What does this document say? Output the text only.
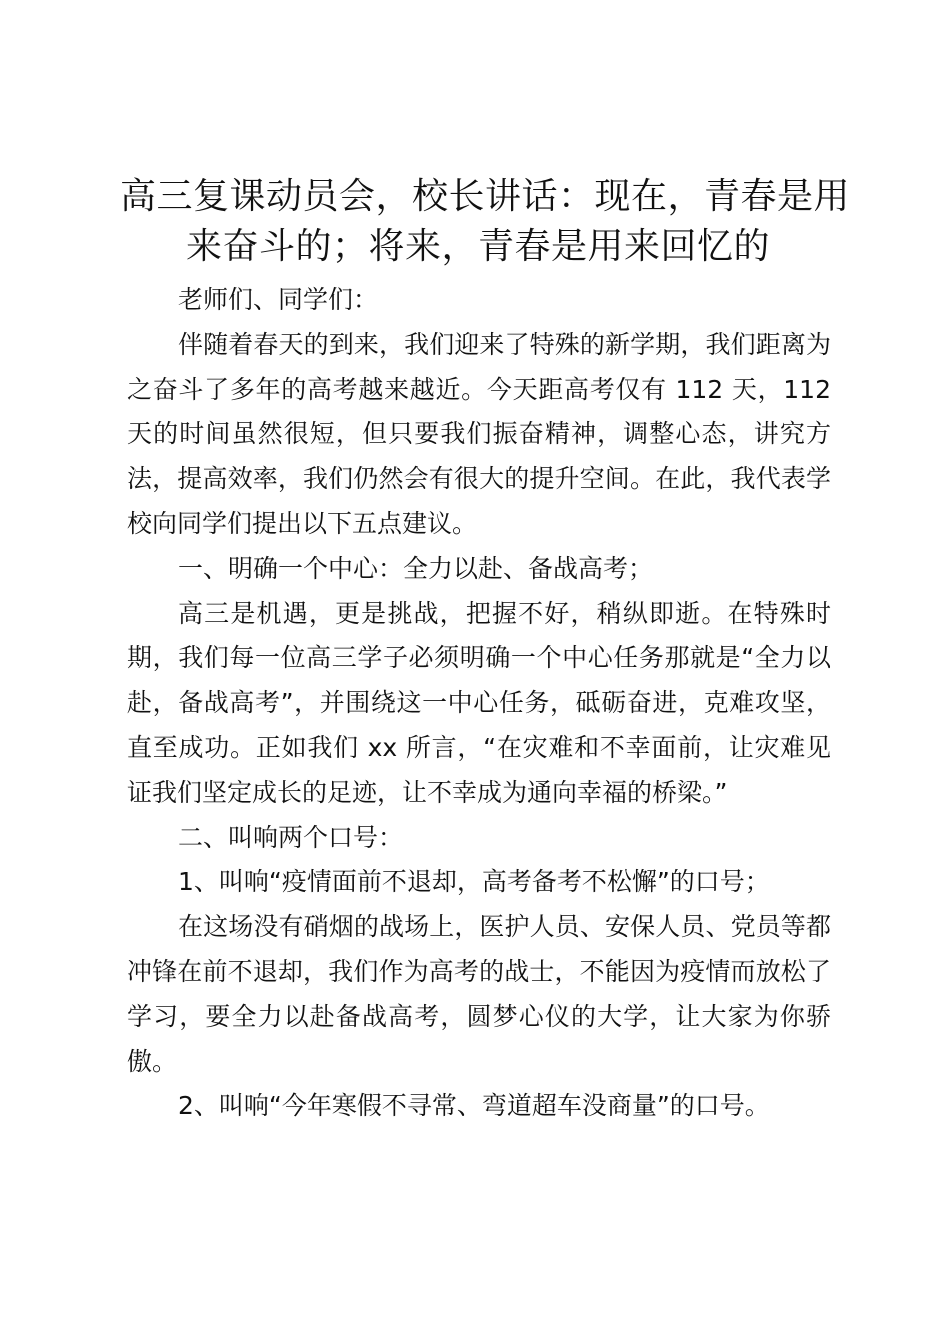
高三复课动员会，校长讲话：现在，青春是用
来奋斗的；将来，青春是用来回忆的

老师们、同学们：

伴随着春天的到来，我们迎来了特殊的新学期，我们距离为之奋斗了多年的高考越来越近。今天距高考仅有 112 天，112 天的时间虽然很短，但只要我们振奋精神，调整心态，讲究方法，提高效率，我们仍然会有很大的提升空间。在此，我代表学校向同学们提出以下五点建议。

一、明确一个中心：全力以赴、备战高考；

高三是机遇，更是挑战，把握不好，稍纵即逝。在特殊时期，我们每一位高三学子必须明确一个中心任务那就是“全力以赴，备战高考”，并围绕这一中心任务，砥砺奋进，克难攻坚，直至成功。正如我们 xx 所言，“在灾难和不幸面前，让灾难见证我们坚定成长的足迹，让不幸成为通向幸福的桥梁。”

二、叫响两个口号：

1、叫响“疫情面前不退却，高考备考不松懈”的口号；

在这场没有硝烟的战场上，医护人员、安保人员、党员等都冲锋在前不退却，我们作为高考的战士，不能因为疫情而放松了学习，要全力以赴备战高考，圆梦心仪的大学，让大家为你骄傲。

2、叫响“今年寒假不寻常、弯道超车没商量”的口号。
